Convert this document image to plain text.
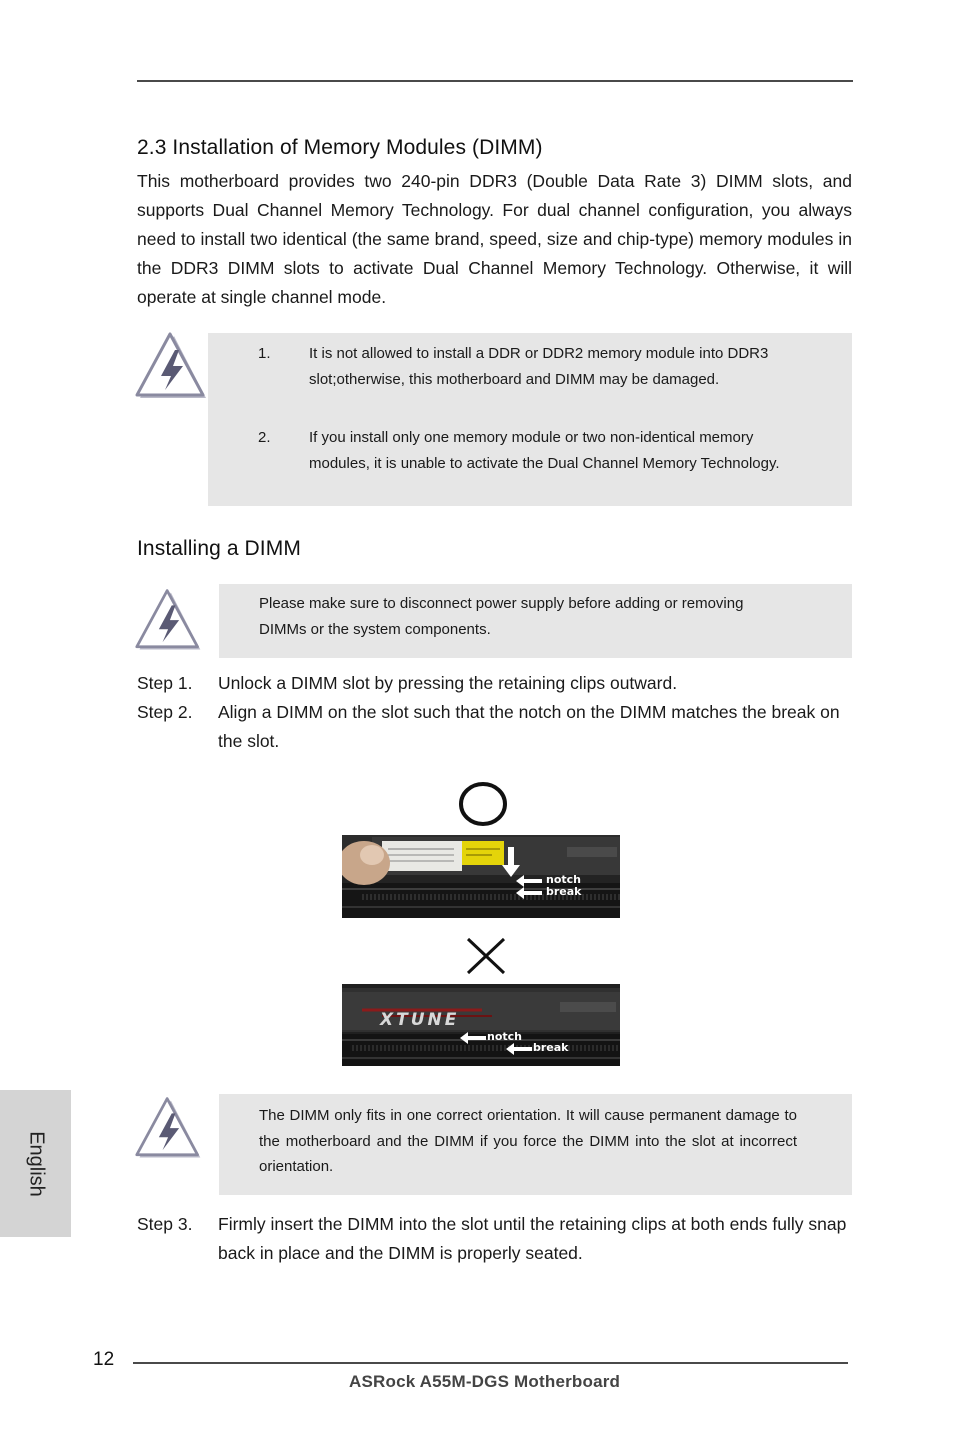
2.3 Installation of Memory Modules (DIMM)
This motherboard provides two 240-pin DDR3 (Double Data Rate 3) DIMM slots, and supports Dual Channel Memory Technology. For dual channel configuration, you always need to install two identical (the same brand, speed, size and chip-type) memory modules in the DDR3 DIMM slots to activate Dual Channel Memory Technology. Otherwise, it will operate at single channel mode.
1.	It is not allowed to install a DDR or DDR2 memory module into DDR3 slot;otherwise, this motherboard and DIMM may be damaged.
2.	If you install only one memory module or two non-identical memory modules, it is unable to activate the Dual Channel Memory Technology.
Installing a DIMM
Please make sure to disconnect power supply before adding or removing DIMMs or the system components.
Step 1. Unlock a DIMM slot by pressing the retaining clips outward.
Step 2. Align a DIMM on the slot such that the notch on the DIMM matches the break on the slot.
notch
break
XTUNE
notch
break
The DIMM only fits in one correct orientation. It will cause permanent damage to the motherboard and the DIMM if you force the DIMM into the slot at incorrect orientation.
Step 3. Firmly insert the DIMM into the slot until the retaining clips at both ends fully snap back in place and the DIMM is properly seated.
English
12
ASRock A55M-DGS Motherboard
